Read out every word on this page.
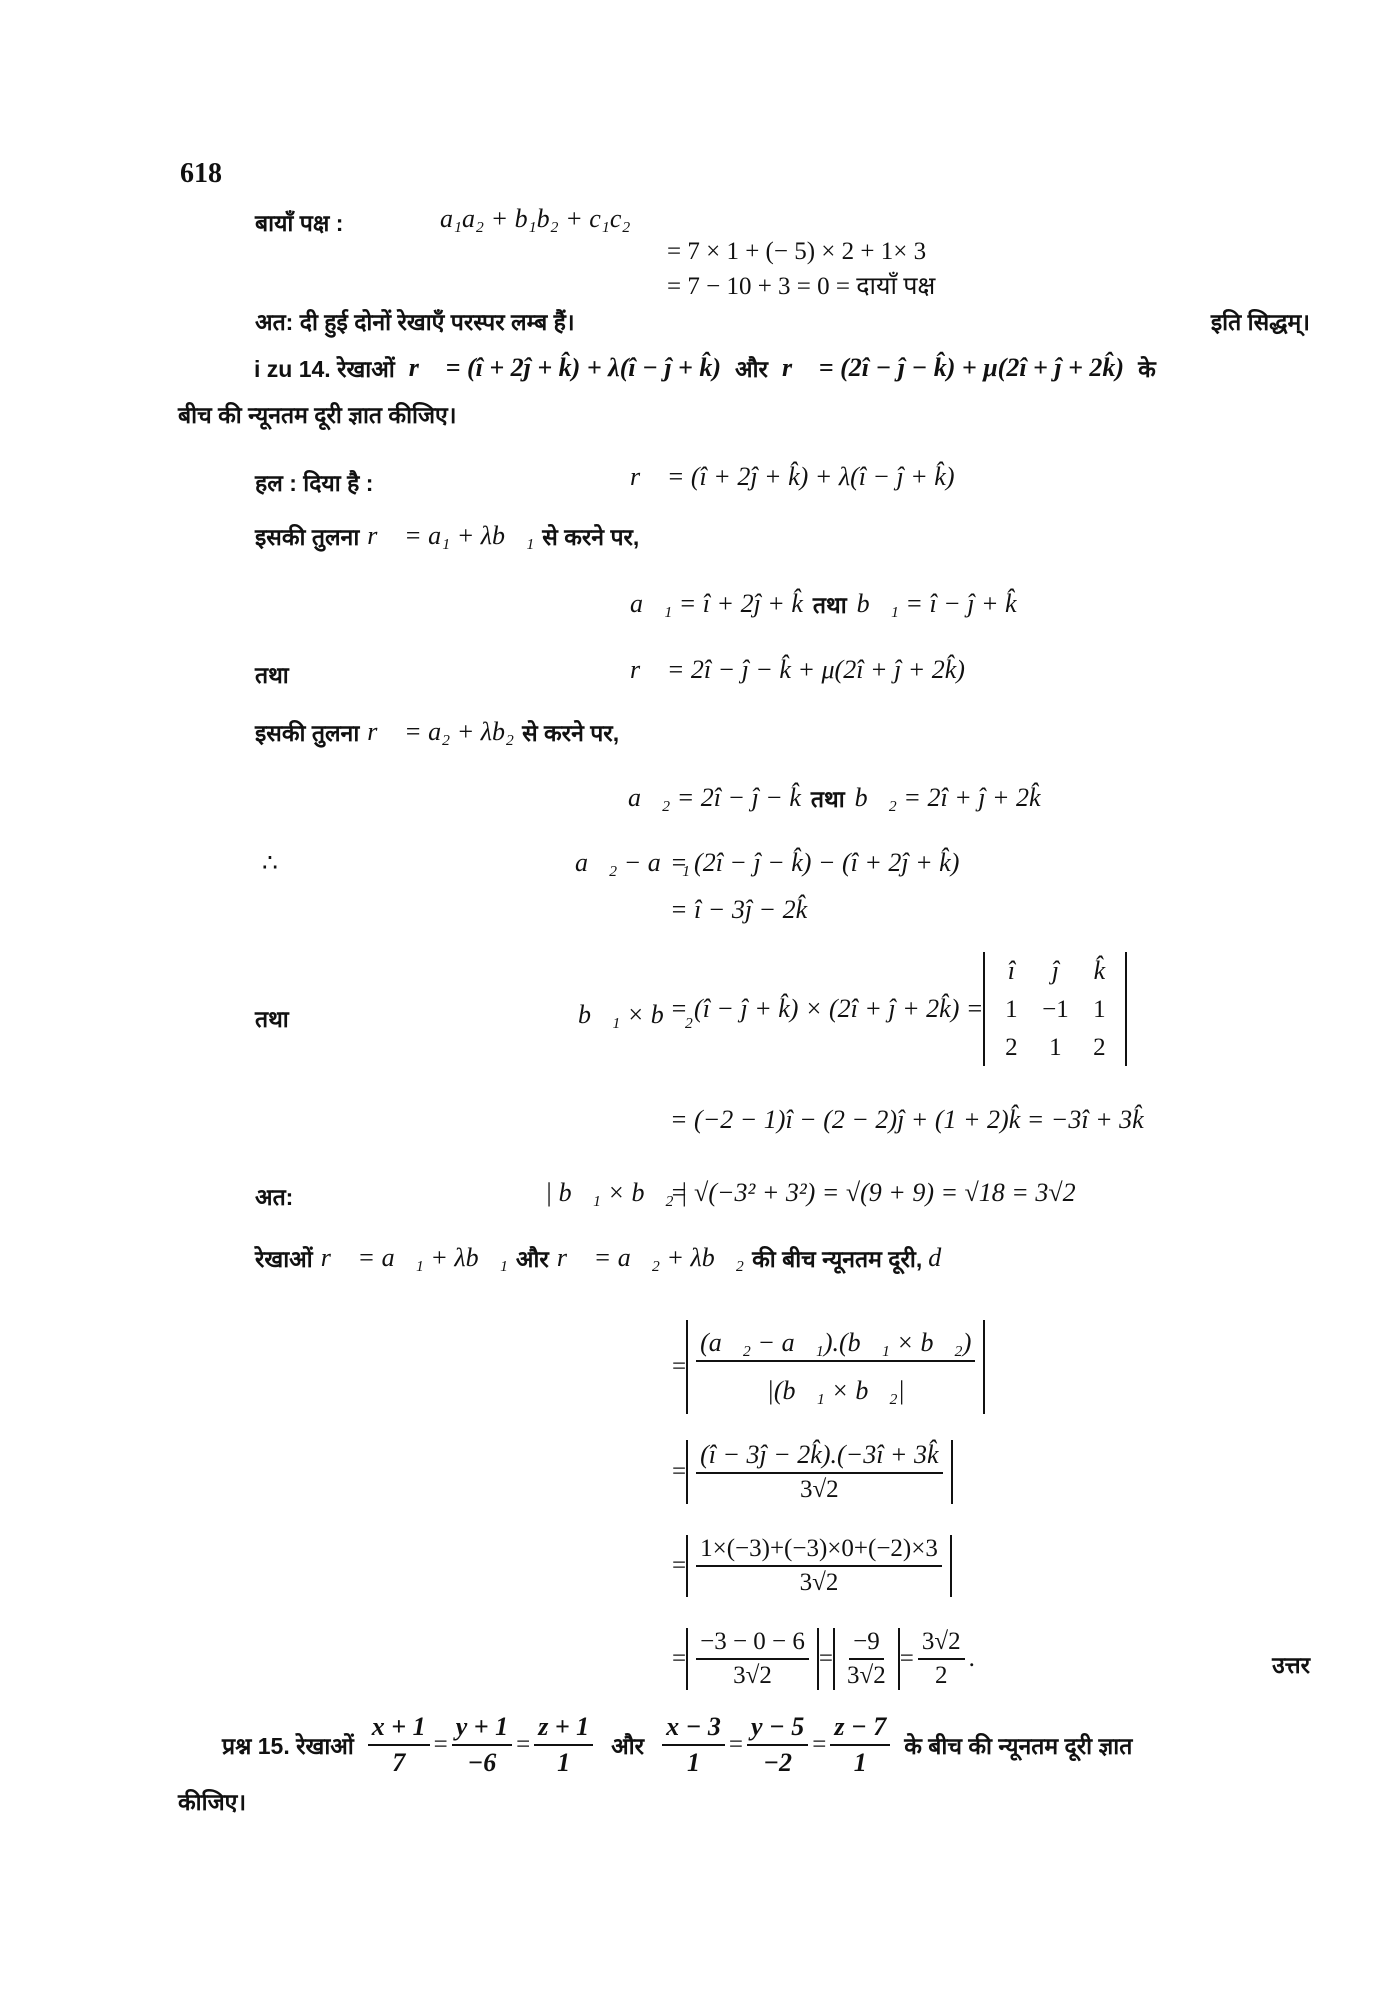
618
बायाँ पक्ष :	a₁a₂ + b₁b₂ + c₁c₂
= 7 × 1 + (− 5) × 2 + 1× 3
= 7 − 10 + 3 = 0 = दायाँ पक्ष
अत: दी हुई दोनों रेखाएँ परस्पर लम्ब हैं।	इति सिद्धम्।
i zu 14. रेखाओं r⃗ = (î + 2ĵ + k̂) + λ(î − ĵ + k̂) और r⃗ = (2î − ĵ − k̂) + μ(2î + ĵ + 2k̂) के
बीच की न्यूनतम दूरी ज्ञात कीजिए।
हल : दिया है :	r⃗ = (î + 2ĵ + k̂) + λ(î − ĵ + k̂)
इसकी तुलना r⃗ = a₁ + λb⃗₁ से करने पर,
a⃗₁ = î + 2ĵ + k̂ तथा b⃗₁ = î − ĵ + k̂
तथा	r⃗ = 2î − ĵ − k̂ + μ(2î + ĵ + 2k̂)
इसकी तुलना r⃗ = a₂ + λb₂ से करने पर,
a⃗₂ = 2î − ĵ − k̂ तथा b⃗₂ = 2î + ĵ + 2k̂
∴	a⃗₂ − a⃗₁
= (2î − ĵ − k̂) − (î + 2ĵ + k̂)
= î − 3ĵ − 2k̂
तथा	b⃗₁ × b⃗₂
= (î − ĵ + k̂) × (2î + ĵ + 2k̂) =
î	ĵ	k̂
1 −1 1
2	1	2
= (−2 − 1)î − (2 − 2)ĵ + (1 + 2)k̂ = −3î + 3k̂
अत:	| b⃗₁ × b⃗₂ |
= √(−3² + 3²) = √(9 + 9) = √18 = 3√2
रेखाओं r⃗ = a⃗₁ + λb⃗₁ और r⃗ = a⃗₂ + λb⃗₂ की बीच न्यूनतम दूरी, d
= $\frac{\text{(a⃗₂ − a⃗₁).(b⃗₁ × b⃗₂)}}{\text{|(b⃗₁ × b⃗₂|}}$
= $\frac{(î - 3ĵ - 2k̂).(-3î + 3k̂}{3√2}$
= $\frac{1\times(-3)+(-3)\times 0+(-2)\times 3}{3√2}$
= $\frac{-3 - 0 - 6}{3√2} = \frac{-9}{3√2} = \frac{3√2}{2}$ .	उत्तर
प्रश्न 15. रेखाओं $\frac{x + 1}{7} = \frac{y + 1}{-6} = \frac{z + 1}{1}$ और $\frac{x - 3}{1} = \frac{y - 5}{-2} = \frac{z - 7}{1}$ के बीच की न्यूनतम दूरी ज्ञात
कीजिए।
